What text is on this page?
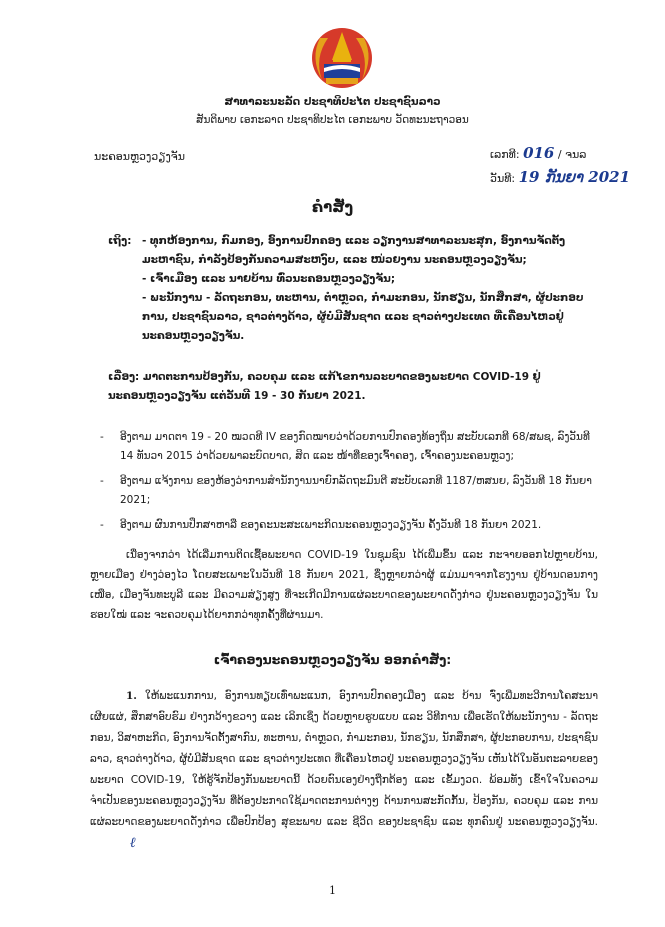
ສາທາລະນະລັດ ປະຊາທິປະໄຕ ປະຊາຊົນລາວ
ສັນຕິພາບ ເອກະລາດ ປະຊາທິປະໄຕ ເອກະພາບ ວັດທະນະຖາວອນ
ນະຄອນຫຼວງວຽງຈັນ	ເລກທີ: 016 / ຈນລ
ວັນທີ: 19 ກັນຍາ 2021
ຄໍາສັ່ງ
ເຖິງ:	- ທຸກຫ້ອງການ, ກົມກອງ, ອົງການປົກຄອງ ແລະ ວຽກງານສາທາລະນະສຸກ, ອົງການຈັດຕັ້ງມະຫາຊົນ, ກຳລັງປ້ອງກັນຄວາມສະຫງົບ, ແລະ ໜ່ວຍງານ ນະຄອນຫຼວງວຽງຈັນ;
- ເຈົ້າເມືອງ ແລະ ນາຍບ້ານ ທົ່ວນະຄອນຫຼວງວຽງຈັນ;
- ພະນັກງານ - ລັດຖະກອນ, ທະຫານ, ຕຳຫຼວດ, ກຳມະກອນ, ນັກຮຽນ, ນັກສຶກສາ, ຜູ້ປະກອບການ, ປະຊາຊົນລາວ, ຊາວຕ່າງດ້າວ, ຜູ້ບໍ່ມີສັນຊາດ ແລະ ຊາວຕ່າງປະເທດ ທີ່ເຄື່ອນໄຫວຢູ່ ນະຄອນຫຼວງວຽງຈັນ.
ເລື່ອງ: ມາດຕະການປ້ອງກັນ, ຄວບຄຸມ ແລະ ແກ້ໄຂການລະບາດຂອງພະຍາດ COVID-19 ຢູ່ນະຄອນຫຼວງວຽງຈັນ ແຕ່ວັນທີ 19 - 30 ກັນຍາ 2021.
-	ອີງຕາມ ມາດຕາ 19 - 20 ໝວດທີ IV ຂອງກົດໝາຍວ່າດ້ວຍການປົກຄອງທ້ອງຖິ່ນ ສະບັບເລກທີ 68/ສພຊ, ລົງວັນທີ 14 ທັນວາ 2015 ວ່າດ້ວຍພາລະບົດບາດ, ສິດ ແລະ ໜ້າທີ່ຂອງເຈົ້າຄອງ, ເຈົ້າຄອງນະຄອນຫຼວງ;
-	ອີງຕາມ ແຈ້ງການ ຂອງຫ້ອງວ່າການສຳນັກງານນາຍົກລັດຖະມົນຕີ ສະບັບເລກທີ 1187/ຫສນຍ, ລົງວັນທີ 18 ກັນຍາ 2021;
-	ອີງຕາມ ຜົນການປຶກສາຫາລື ຂອງຄະນະສະເພາະກິດນະຄອນຫຼວງວຽງຈັນ ຄັ້ງວັນທີ 18 ກັນຍາ 2021.
ເນື່ອງຈາກວ່າ ໄດ້ເລີ່ມການຕິດເຊື້ອພະຍາດ COVID-19 ໃນຊຸມຊົນ ໄດ້ເພີ່ມຂຶ້ນ ແລະ ກະຈາຍອອກໄປຫຼາຍບ້ານ, ຫຼາຍເມືອງ ຢ່າງວ່ອງໄວ ໂດຍສະເພາະໃນວັນທີ 18 ກັນຍາ 2021, ຊຶ່ງຫຼາຍກວ່າຜູ້ ແມ່ນມາຈາກໂຮງງານ ຢູ່ບ້ານດອນກາງເໜືອ, ເມືອງຈັນທະບູລີ ແລະ ມີຄວາມສ່ຽງສູງ ທີ່ຈະເກີດມີການແຜ່ລະບາດຂອງພະຍາດດັ່ງກ່າວ ຢູ່ນະຄອນຫຼວງວຽງຈັນ ໃນຮອບໃໝ່ ແລະ ຈະຄວບຄຸມໄດ້ຍາກກວ່າທຸກຄັ້ງທີ່ຜ່ານມາ.
ເຈົ້າຄອງນະຄອນຫຼວງວຽງຈັນ ອອກຄຳສັ່ງ:
1. ໃຫ້ພະແນກການ, ອົງການທຽບເທົ່າພະແນກ, ອົງການປົກຄອງເມືອງ ແລະ ບ້ານ ຈົ່ງເພີ່ມທະວີການໂຄສະນາເຜີຍແຜ່, ສຶກສາອົບຮົມ ຢ່າງກວ້າງຂວາງ ແລະ ເລິກເຊິ່ງ ດ້ວຍຫຼາຍຮູບແບບ ແລະ ວິທີການ ເພື່ອເຮັດໃຫ້ພະນັກງານ - ລັດຖະກອນ, ວິສາຫະກິດ, ອົງການຈັດຕັ້ງສາກົນ, ທະຫານ, ຕຳຫຼວດ, ກຳມະກອນ, ນັກຮຽນ, ນັກສຶກສາ, ຜູ້ປະກອບການ, ປະຊາຊົນລາວ, ຊາວຕ່າງດ້າວ, ຜູ້ບໍ່ມີສັນຊາດ ແລະ ຊາວຕ່າງປະເທດ ທີ່ເຄື່ອນໄຫວຢູ່ ນະຄອນຫຼວງວຽງຈັນ ເຫັນໄດ້ໃນອັນຕະລາຍຂອງພະຍາດ COVID-19, ໃຫ້ຮູ້ຈັກປ້ອງກັນພະຍາດນີ້ ດ້ວຍຕົນເອງຢ່າງຖືກຕ້ອງ ແລະ ເຂັ້ມງວດ. ພ້ອມທັງ ເຂົ້າໃຈໃນຄວາມຈຳເປັນຂອງນະຄອນຫຼວງວຽງຈັນ ທີ່ຕ້ອງປະກາດໃຊ້ມາດຕະການຕ່າງໆ ດ້ານການສະກັດກັ້ນ, ປ້ອງກັນ, ຄວບຄຸມ ແລະ ການແຜ່ລະບາດຂອງພະຍາດດັ່ງກ່າວ ເພື່ອປົກປ້ອງ ສຸຂະພາບ ແລະ ຊີວິດ ຂອງປະຊາຊົນ ແລະ ທຸກຄົນຢູ່ ນະຄອນຫຼວງວຽງຈັນ. ℓ
1
